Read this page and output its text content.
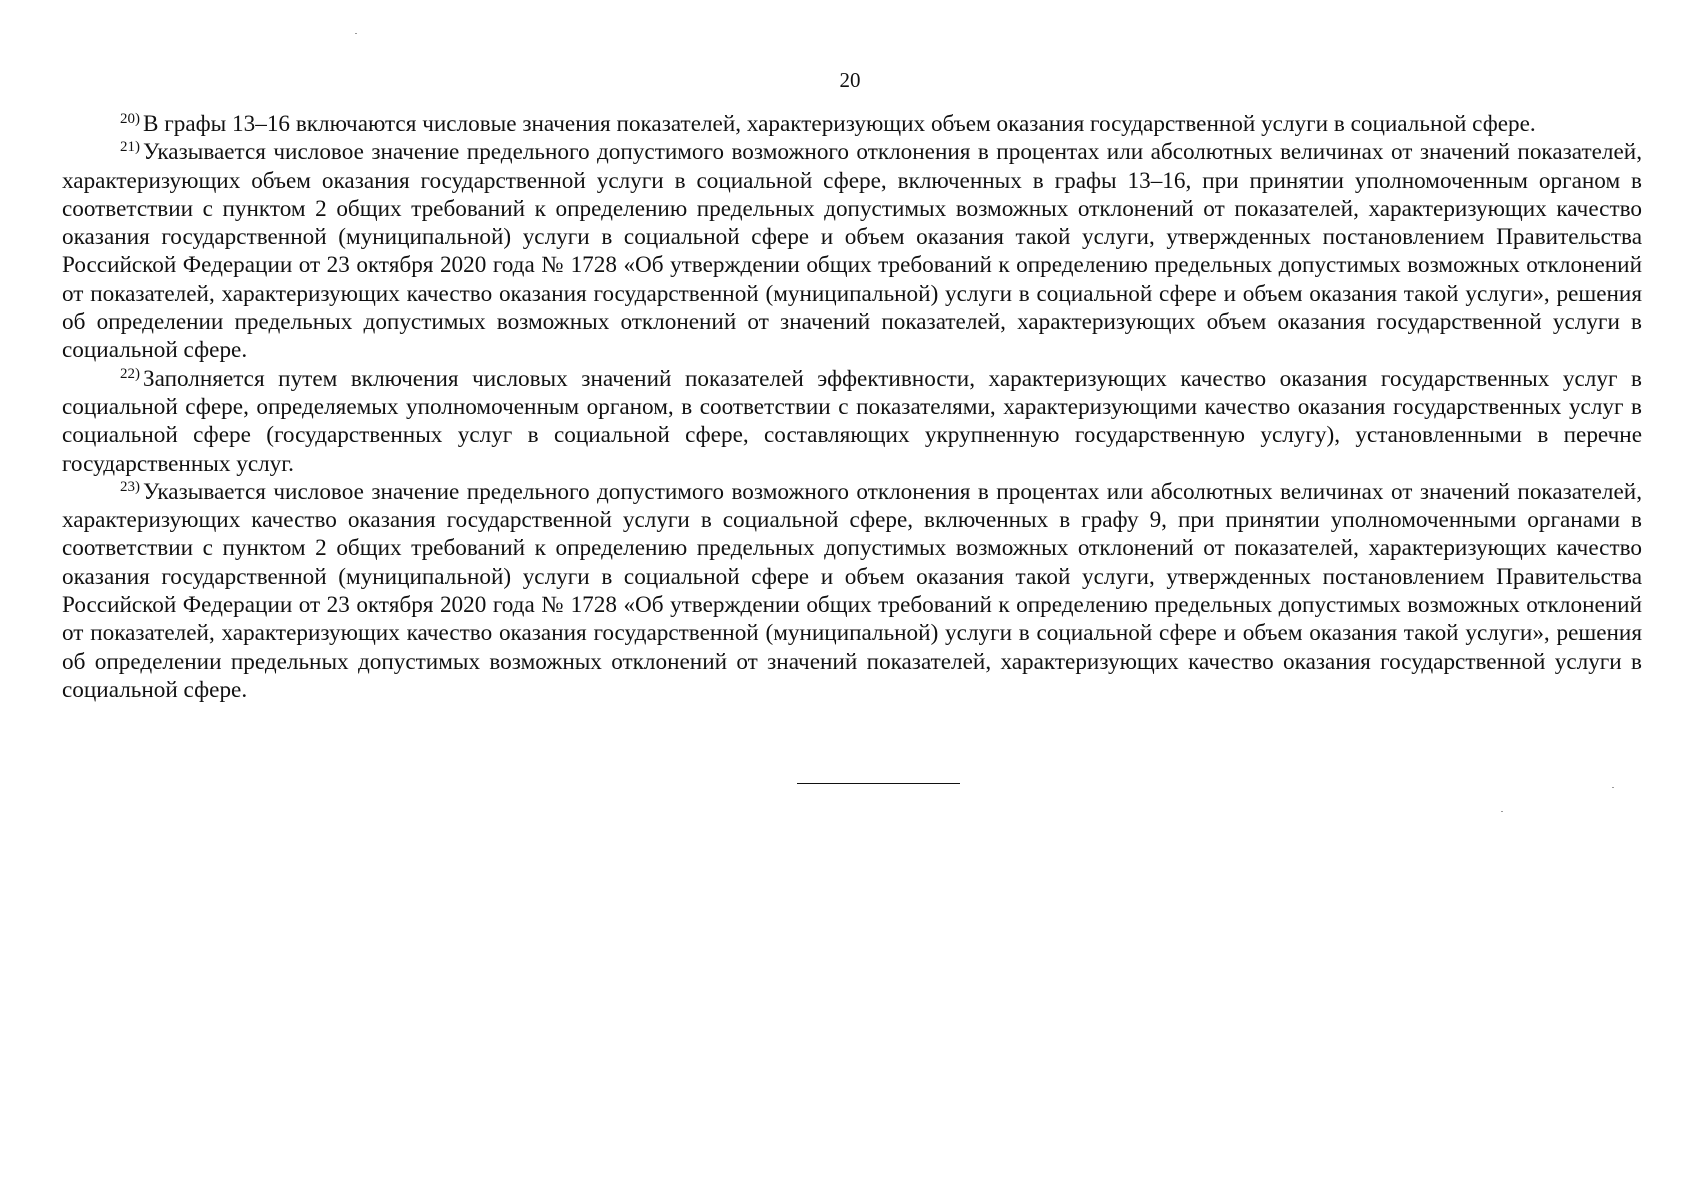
20

$^{20)}$ В графы 13–16 включаются числовые значения показателей, характеризующих объем оказания государственной услуги в социальной сфере.

$^{21)}$ Указывается числовое значение предельного допустимого возможного отклонения в процентах или абсолютных величинах от значений показателей, характеризующих объем оказания государственной услуги в социальной сфере, включенных в графы 13–16, при принятии уполномоченным органом в соответствии с пунктом 2 общих требований к определению предельных допустимых возможных отклонений от показателей, характеризующих качество оказания государственной (муниципальной) услуги в социальной сфере и объем оказания такой услуги, утвержденных постановлением Правительства Российской Федерации от 23 октября 2020 года № 1728 «Об утверждении общих требований к определению предельных допустимых возможных отклонений от показателей, характеризующих качество оказания государственной (муниципальной) услуги в социальной сфере и объем оказания такой услуги», решения об определении предельных допустимых возможных отклонений от значений показателей, характеризующих объем оказания государственной услуги в социальной сфере.

$^{22)}$ Заполняется путем включения числовых значений показателей эффективности, характеризующих качество оказания государственных услуг в социальной сфере, определяемых уполномоченным органом, в соответствии с показателями, характеризующими качество оказания государственных услуг в социальной сфере (государственных услуг в социальной сфере, составляющих укрупненную государственную услугу), установленными в перечне государственных услуг.

$^{23)}$ Указывается числовое значение предельного допустимого возможного отклонения в процентах или абсолютных величинах от значений показателей, характеризующих качество оказания государственной услуги в социальной сфере, включенных в графу 9, при принятии уполномоченными органами в соответствии с пунктом 2 общих требований к определению предельных допустимых возможных отклонений от показателей, характеризующих качество оказания государственной (муниципальной) услуги в социальной сфере и объем оказания такой услуги, утвержденных постановлением Правительства Российской Федерации от 23 октября 2020 года № 1728 «Об утверждении общих требований к определению предельных допустимых возможных отклонений от показателей, характеризующих качество оказания государственной (муниципальной) услуги в социальной сфере и объем оказания такой услуги», решения об определении предельных допустимых возможных отклонений от значений показателей, характеризующих качество оказания государственной услуги в социальной сфере.
